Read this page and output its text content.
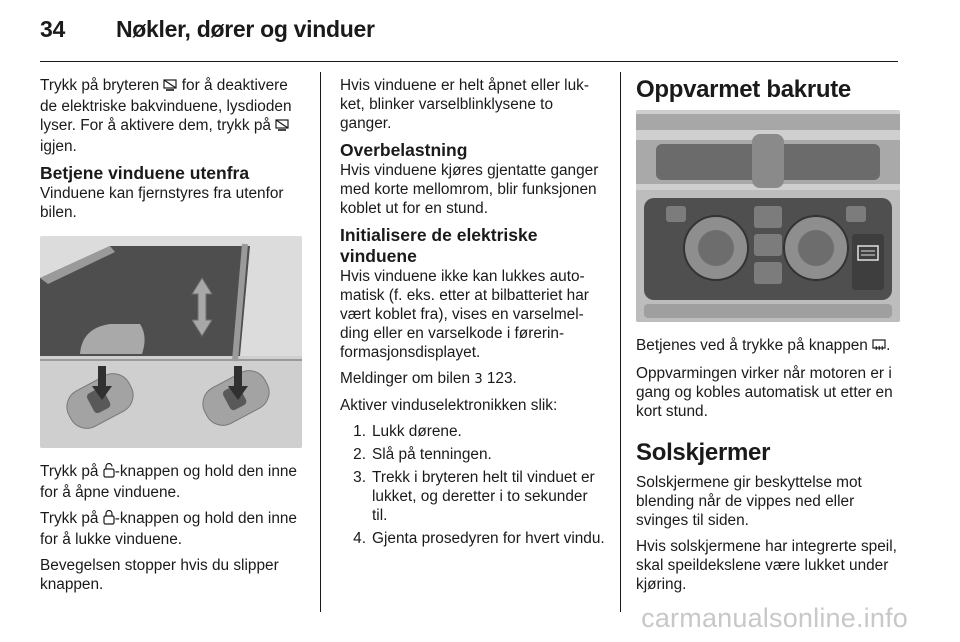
34 Nøkler, dører og vinduer

Trykk på bryteren  for å deaktivere de elektriske bakvinduene, lysdioden lyser. For å aktivere dem, trykk på  igjen.

Betjene vinduene utenfra

Vinduene kan fjernstyres fra utenfor bilen.

Trykk på -knappen og hold den inne for å åpne vinduene.

Trykk på -knappen og hold den inne for å lukke vinduene.

Bevegelsen stopper hvis du slipper knappen.

Hvis vinduene er helt åpnet eller lukket, blinker varselblinklysene to ganger.

Overbelastning

Hvis vinduene kjøres gjentatte ganger med korte mellomrom, blir funksjonen koblet ut for en stund.

Initialisere de elektriske vinduene

Hvis vinduene ikke kan lukkes automatisk (f. eks. etter at bilbatteriet har vært koblet fra), vises en varselmelding eller en varselkode i førerinformasjonsdisplayet.

Meldinger om bilen 3 123.

Aktiver vinduselektronikken slik:

1. Lukk dørene.
2. Slå på tenningen.
3. Trekk i bryteren helt til vinduet er lukket, og deretter i to sekunder til.
4. Gjenta prosedyren for hvert vindu.
Oppvarmet bakrute

Betjenes ved å trykke på knappen .

Oppvarmingen virker når motoren er i gang og kobles automatisk ut etter en kort stund.

Solskjermer

Solskjermene gir beskyttelse mot blending når de vippes ned eller svinges til siden.

Hvis solskjermene har integrerte speil, skal speildekslene være lukket under kjøring.

carmanualsonline.info
